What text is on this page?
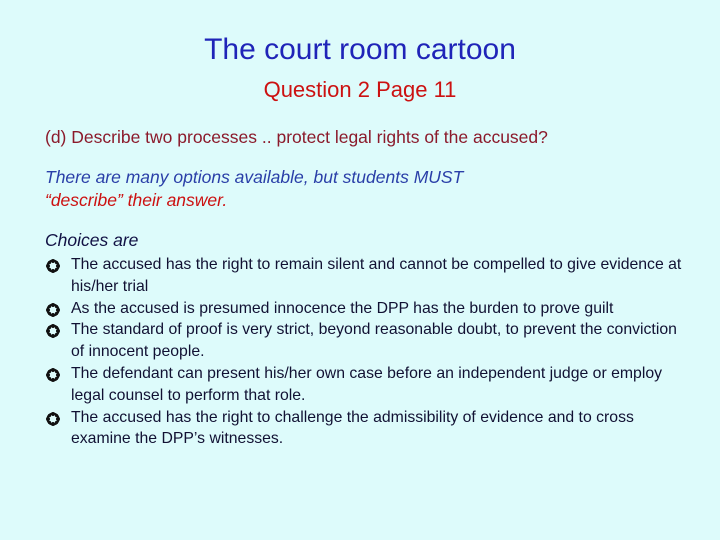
The court room cartoon
Question 2 Page 11
(d) Describe two processes .. protect legal rights of the accused?
There are many options available, but students MUST
“describe” their answer.
Choices are
The accused has the right to remain silent and cannot be compelled to give evidence at his/her trial
As the accused is presumed innocence the DPP has the burden to prove guilt
The standard of proof is very strict, beyond reasonable doubt, to prevent the conviction of innocent people.
The defendant can present his/her own case before an independent judge or employ legal counsel to perform that role.
The accused has the right to challenge the admissibility of evidence and to cross examine the DPP’s witnesses.
